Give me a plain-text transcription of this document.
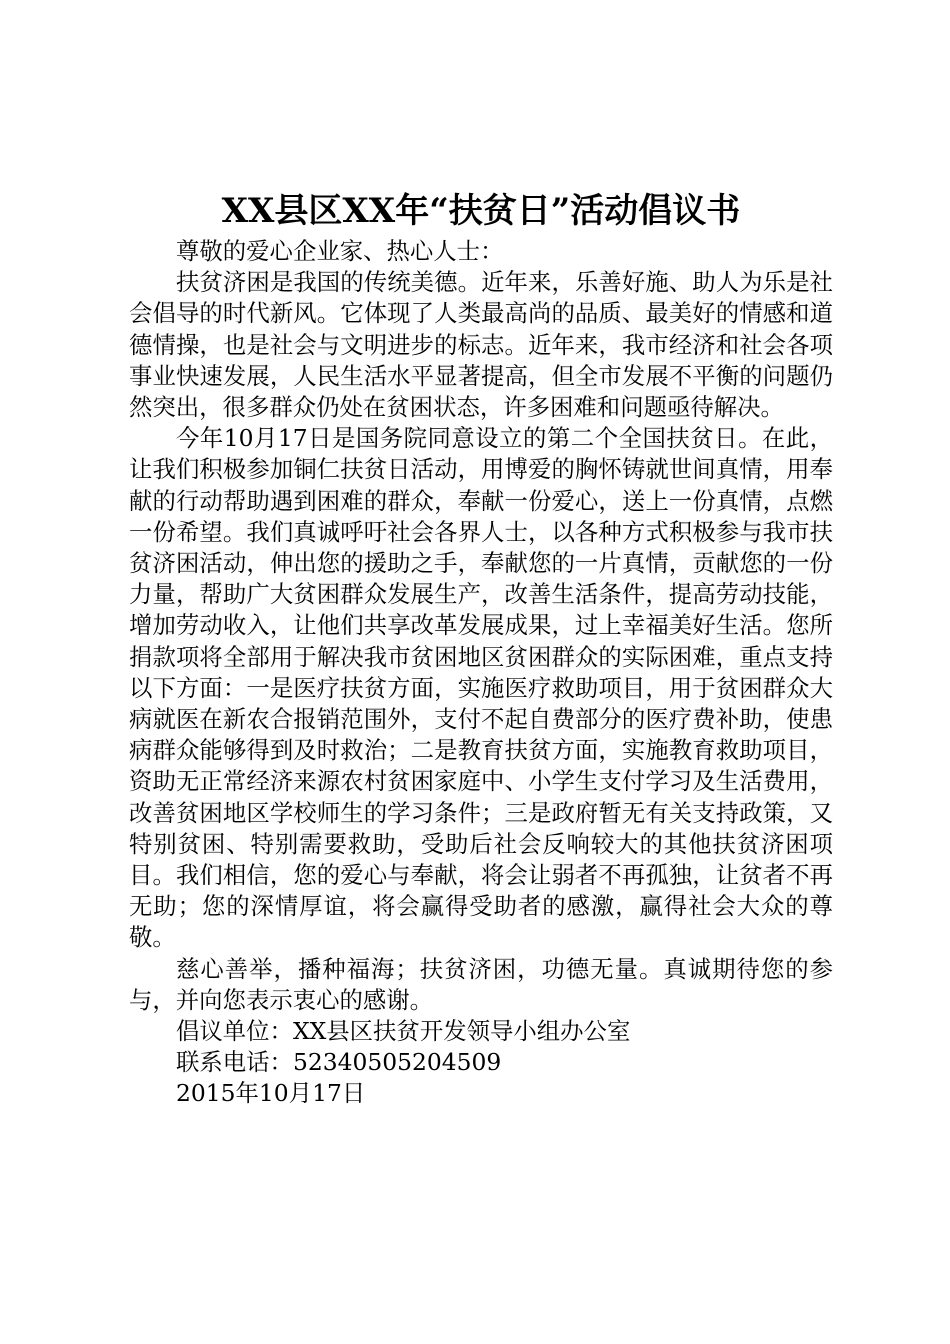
XX县区XX年“扶贫日”活动倡议书

尊敬的爱心企业家、热心人士：

扶贫济困是我国的传统美德。近年来，乐善好施、助人为乐是社会倡导的时代新风。它体现了人类最高尚的品质、最美好的情感和道德情操，也是社会与文明进步的标志。近年来，我市经济和社会各项事业快速发展，人民生活水平显著提高，但全市发展不平衡的问题仍然突出，很多群众仍处在贫困状态，许多困难和问题亟待解决。

今年10月17日是国务院同意设立的第二个全国扶贫日。在此，让我们积极参加铜仁扶贫日活动，用博爱的胸怀铸就世间真情，用奉献的行动帮助遇到困难的群众，奉献一份爱心，送上一份真情，点燃一份希望。我们真诚呼吁社会各界人士，以各种方式积极参与我市扶贫济困活动，伸出您的援助之手，奉献您的一片真情，贡献您的一份力量，帮助广大贫困群众发展生产，改善生活条件，提高劳动技能，增加劳动收入，让他们共享改革发展成果，过上幸福美好生活。您所捐款项将全部用于解决我市贫困地区贫困群众的实际困难，重点支持以下方面：一是医疗扶贫方面，实施医疗救助项目，用于贫困群众大病就医在新农合报销范围外，支付不起自费部分的医疗费补助，使患病群众能够得到及时救治；二是教育扶贫方面，实施教育救助项目，资助无正常经济来源农村贫困家庭中、小学生支付学习及生活费用，改善贫困地区学校师生的学习条件；三是政府暂无有关支持政策，又特别贫困、特别需要救助，受助后社会反响较大的其他扶贫济困项目。我们相信，您的爱心与奉献，将会让弱者不再孤独，让贫者不再无助；您的深情厚谊，将会赢得受助者的感激，赢得社会大众的尊敬。

慈心善举，播种福海；扶贫济困，功德无量。真诚期待您的参与，并向您表示衷心的感谢。

倡议单位：XX县区扶贫开发领导小组办公室

联系电话：52340505204509

2015年10月17日
